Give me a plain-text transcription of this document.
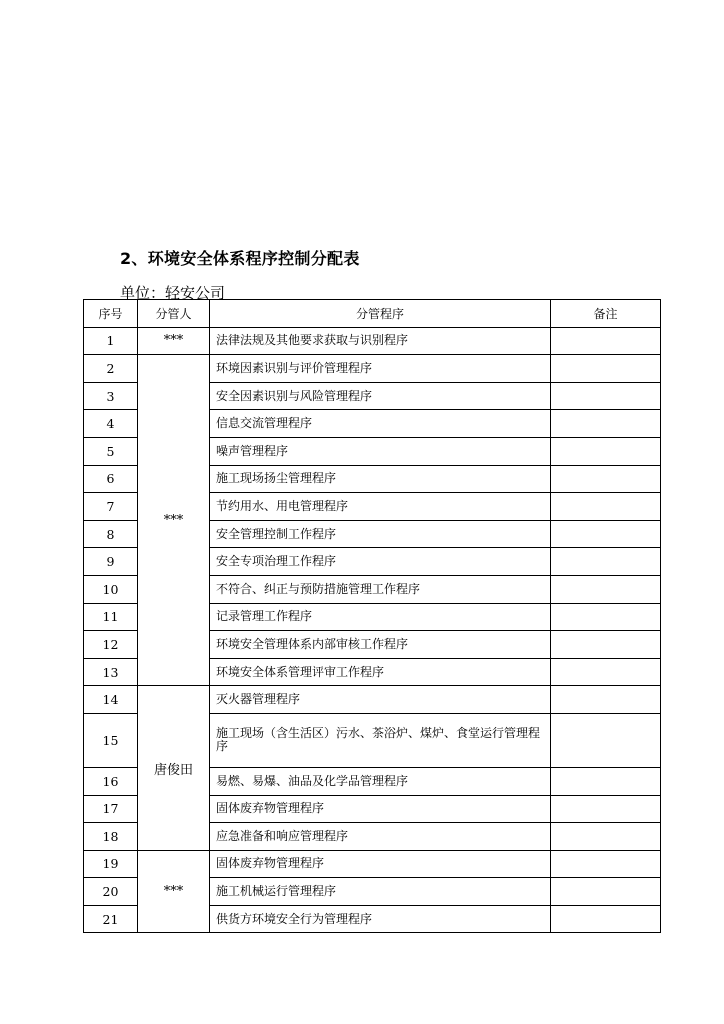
2、环境安全体系程序控制分配表
单位：轻安公司
序号	分管人	分管程序	备注
1	***	法律法规及其他要求获取与识别程序	
2	***	环境因素识别与评价管理程序	
3		安全因素识别与风险管理程序	
4		信息交流管理程序	
5		噪声管理程序	
6		施工现场扬尘管理程序	
7		节约用水、用电管理程序	
8		安全管理控制工作程序	
9		安全专项治理工作程序	
10		不符合、纠正与预防措施管理工作程序	
11		记录管理工作程序	
12		环境安全管理体系内部审核工作程序	
13		环境安全体系管理评审工作程序	
14	唐俊田	灭火器管理程序	
15		施工现场（含生活区）污水、茶浴炉、煤炉、食堂运行管理程序	
16		易燃、易爆、油品及化学品管理程序	
17		固体废弃物管理程序	
18		应急准备和响应管理程序	
19	***	固体废弃物管理程序	
20		施工机械运行管理程序	
21		供货方环境安全行为管理程序	
